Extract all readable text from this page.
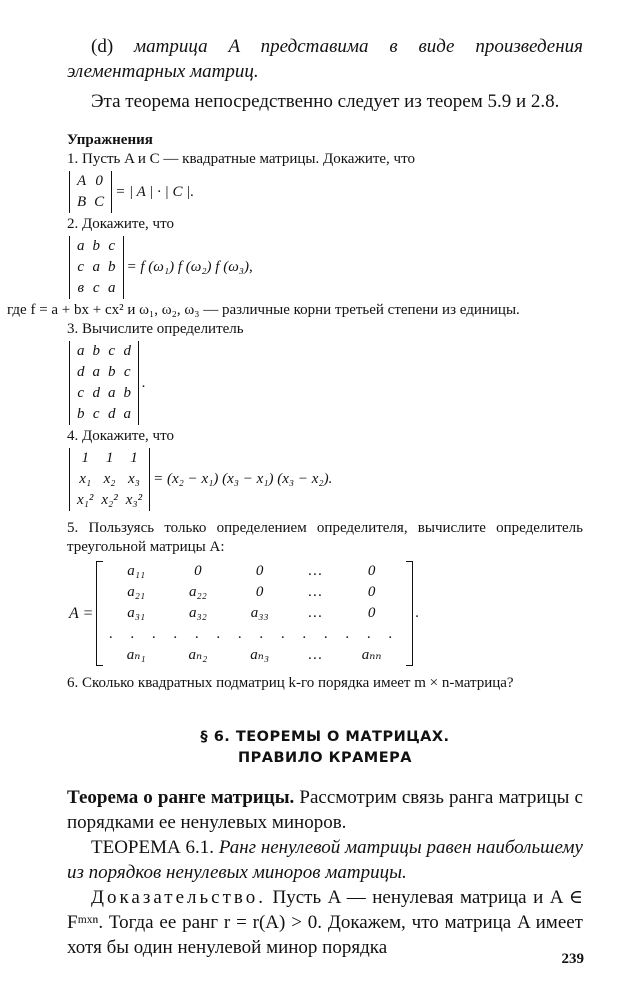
(d) матрица A представима в виде произведения элементарных матриц.

Эта теорема непосредственно следует из теорем 5.9 и 2.8.

Упражнения

1. Пусть A и C — квадратные матрицы. Докажите, что

A	0
B	C
= | A | · | C |.

2. Докажите, что

a	b	c
c	a	b
в	c	a
= f (ω₁) f (ω₂) f (ω₃),

где f = a + bx + cx² и ω₁, ω₂, ω₃ — различные корни третьей степени из единицы.

3. Вычислите определитель

a	b	c	d
d	a	b	c
c	d	a	b
b	c	d	a
.

4. Докажите, что

1	1	1
x₁	x₂	x₃
x₁²	x₂²	x₃²
= (x₂ − x₁) (x₃ − x₁) (x₃ − x₂).

5. Пользуясь только определением определителя, вычислите определитель треугольной матрицы A:

A =
a₁₁	0	0	…	0
a₂₁	a₂₂	0	…	0
a₃₁	a₃₂	a₃₃	…	0
. . . . . . . . . . . . . .				
aₙ₁	aₙ₂	aₙ₃	…	aₙₙ
.

6. Сколько квадратных подматриц k-го порядка имеет m × n-матрица?

§ 6. ТЕОРЕМЫ О МАТРИЦАХ.

ПРАВИЛО КРАМЕРА

Теорема о ранге матрицы. Рассмотрим связь ранга матрицы с порядками ее ненулевых миноров.

ТЕОРЕМА 6.1. Ранг ненулевой матрицы равен наибольшему из порядков ненулевых миноров матрицы.

Доказательство. Пусть A — ненулевая матрица и A ∈ Fᵐˣⁿ. Тогда ее ранг r = r(A) > 0. Докажем, что матрица A имеет хотя бы один ненулевой минор порядка

239
